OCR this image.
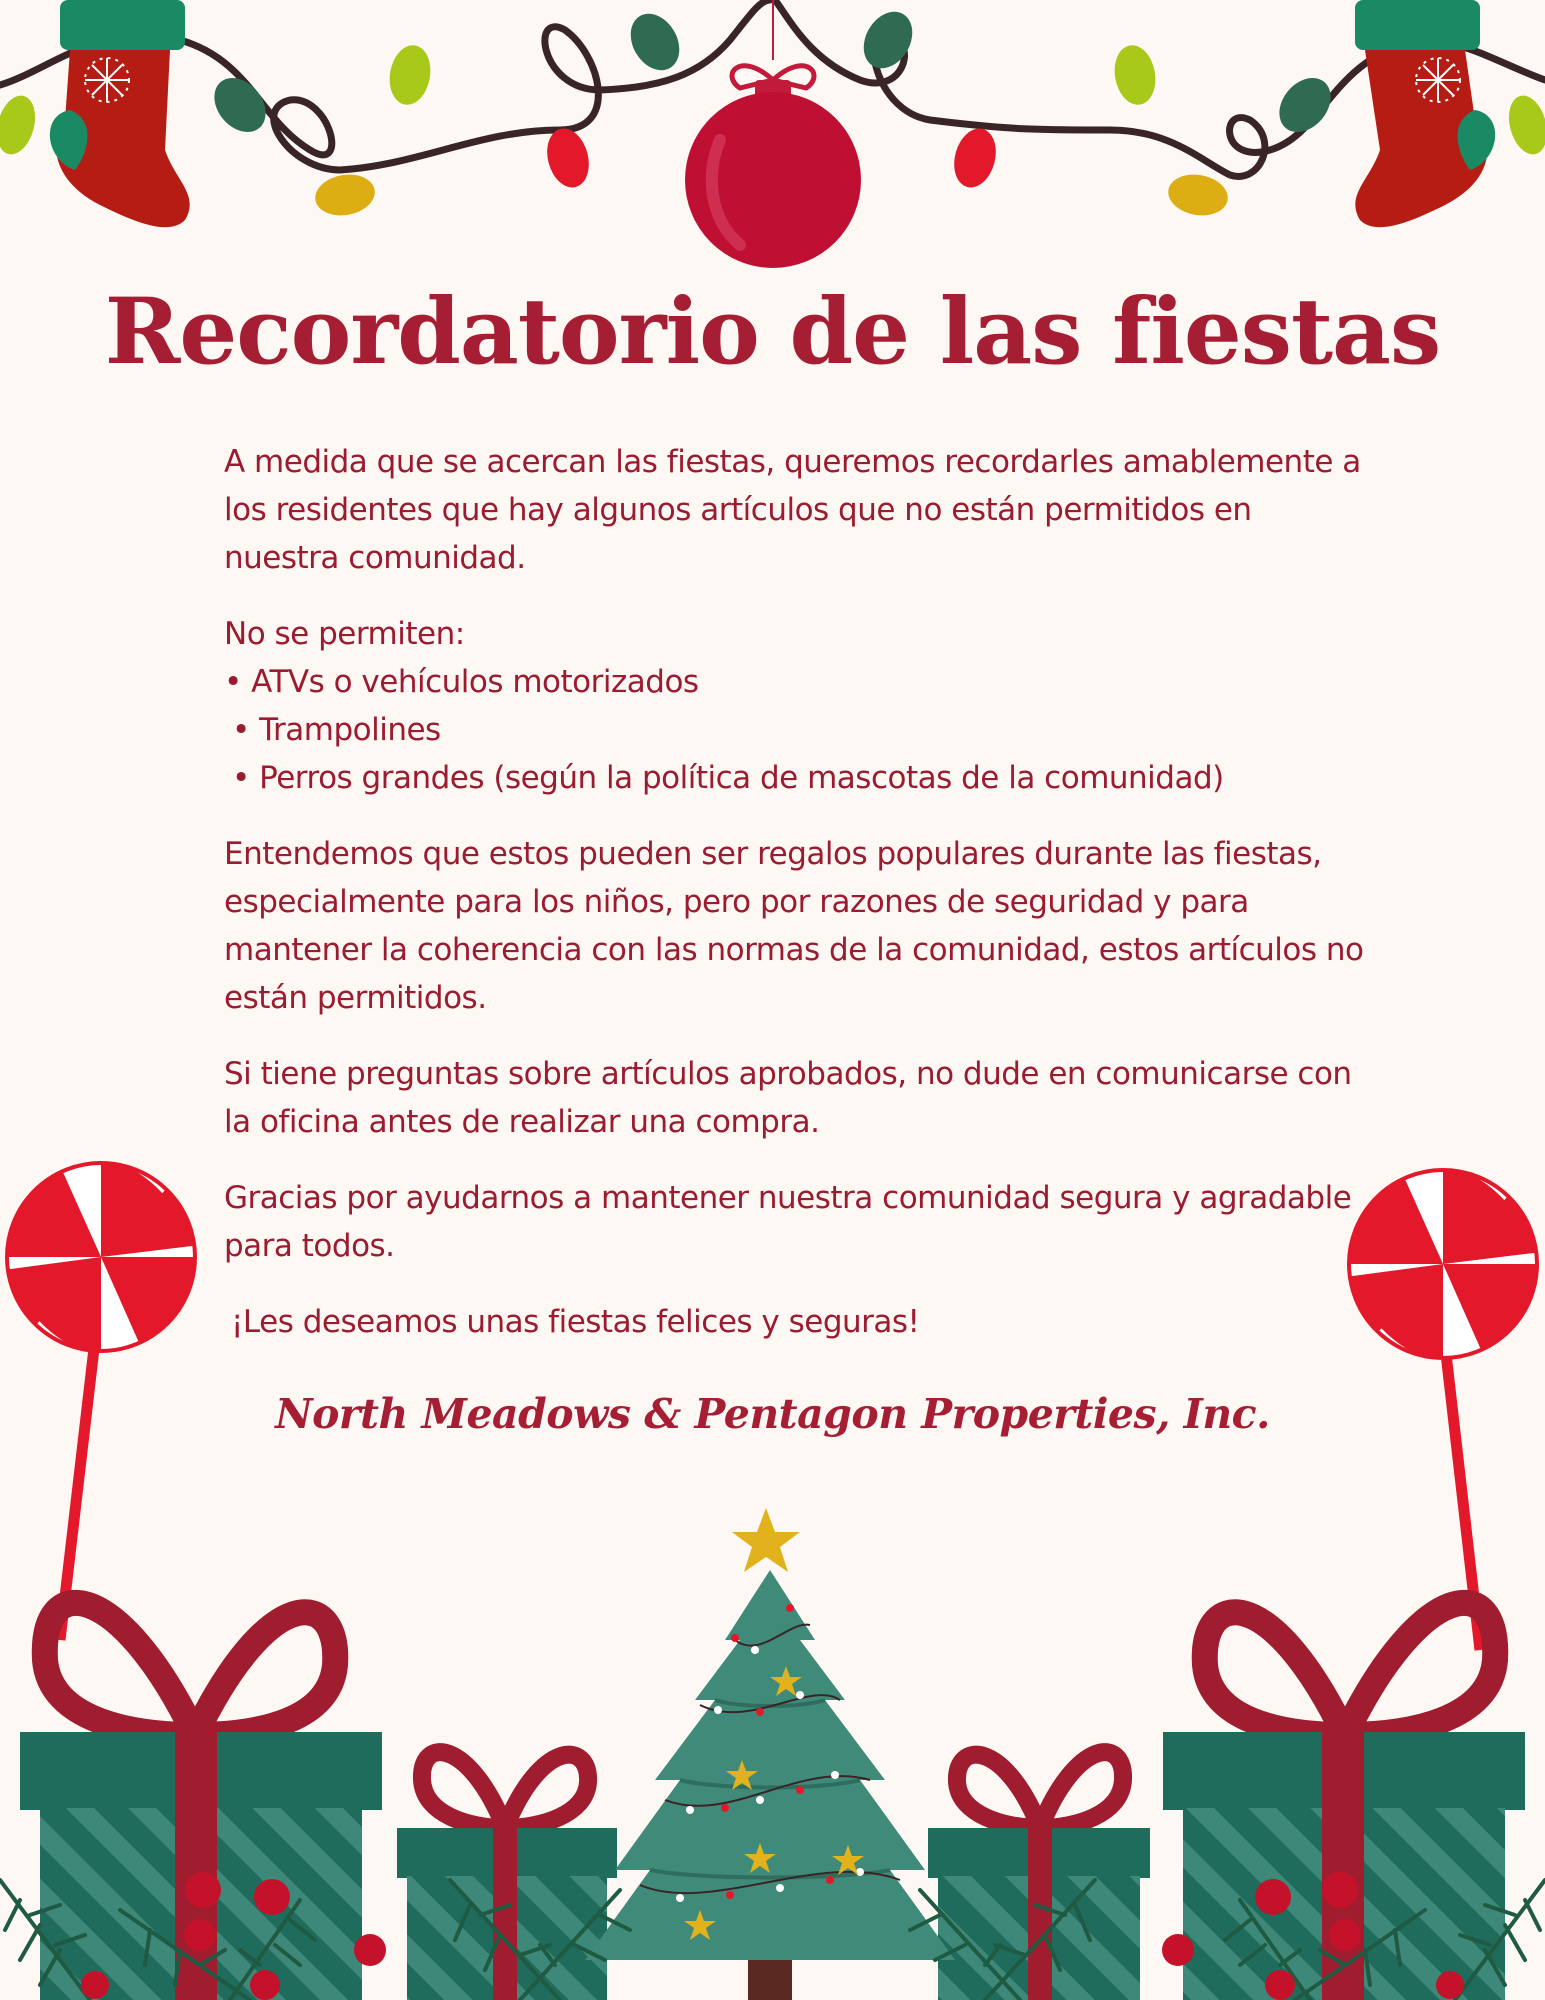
Recordatorio de las fiestas

A medida que se acercan las fiestas, queremos recordarles amablemente a los residentes que hay algunos artículos que no están permitidos en nuestra comunidad.

No se permiten:
• ATVs o vehículos motorizados
• Trampolines
• Perros grandes (según la política de mascotas de la comunidad)

Entendemos que estos pueden ser regalos populares durante las fiestas, especialmente para los niños, pero por razones de seguridad y para mantener la coherencia con las normas de la comunidad, estos artículos no están permitidos.

Si tiene preguntas sobre artículos aprobados, no dude en comunicarse con la oficina antes de realizar una compra.

Gracias por ayudarnos a mantener nuestra comunidad segura y agradable para todos.

¡Les deseamos unas fiestas felices y seguras!

North Meadows & Pentagon Properties, Inc.
